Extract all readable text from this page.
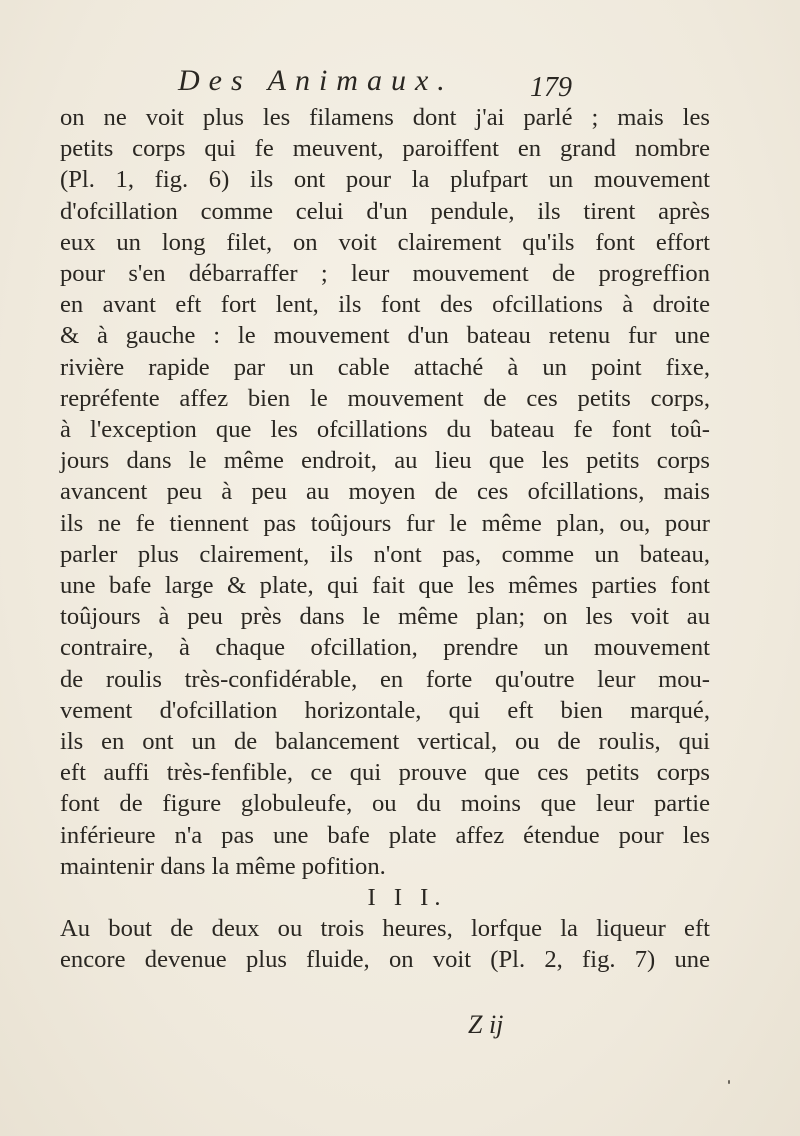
Des Animaux.	179
on ne voit plus les filamens dont j'ai parlé ; mais les
petits corps qui fe meuvent, paroiffent en grand nombre
(Pl. 1, fig. 6) ils ont pour la plufpart un mouvement
d'ofcillation comme celui d'un pendule, ils tirent après
eux un long filet, on voit clairement qu'ils font effort
pour s'en débarraffer ; leur mouvement de progreffion
en avant eft fort lent, ils font des ofcillations à droite
& à gauche : le mouvement d'un bateau retenu fur une
rivière rapide par un cable attaché à un point fixe,
repréfente affez bien le mouvement de ces petits corps,
à l'exception que les ofcillations du bateau fe font toû-
jours dans le même endroit, au lieu que les petits corps
avancent peu à peu au moyen de ces ofcillations, mais
ils ne fe tiennent pas toûjours fur le même plan, ou, pour
parler plus clairement, ils n'ont pas, comme un bateau,
une bafe large & plate, qui fait que les mêmes parties font
toûjours à peu près dans le même plan; on les voit au
contraire, à chaque ofcillation, prendre un mouvement
de roulis très-confidérable, en forte qu'outre leur mou-
vement d'ofcillation horizontale, qui eft bien marqué,
ils en ont un de balancement vertical, ou de roulis, qui
eft auffi très-fenfible, ce qui prouve que ces petits corps
font de figure globuleufe, ou du moins que leur partie
inférieure n'a pas une bafe plate affez étendue pour les
maintenir dans la même pofition.
I I I.
Au bout de deux ou trois heures, lorfque la liqueur eft
encore devenue plus fluide, on voit (Pl. 2, fig. 7) une
Z ij
